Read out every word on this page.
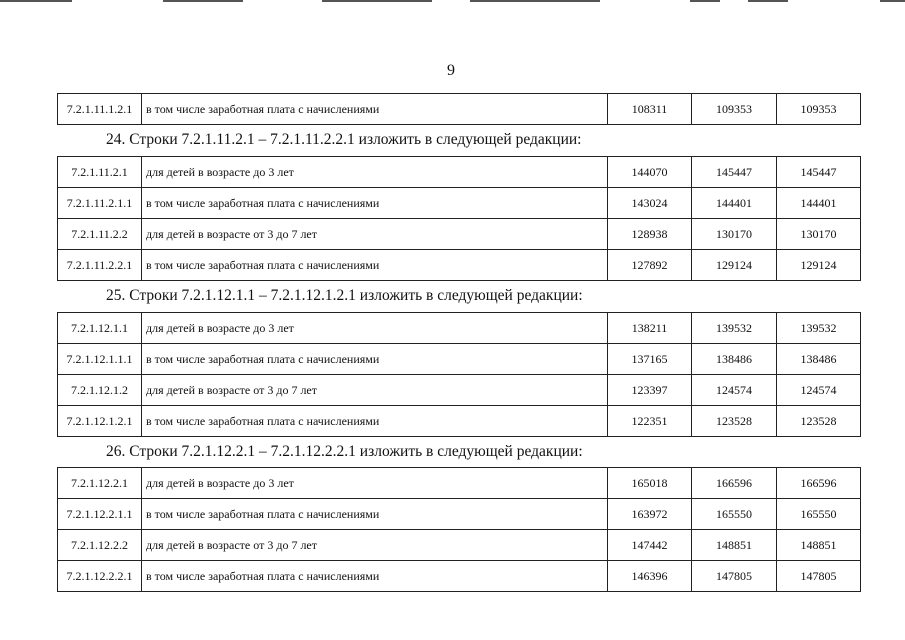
9
7.2.1.11.1.2.1	в том числе заработная плата с начислениями	108311	109353	109353
24. Строки 7.2.1.11.2.1 – 7.2.1.11.2.2.1 изложить в следующей редакции:
7.2.1.11.2.1	для детей в возрасте до 3 лет	144070	145447	145447
7.2.1.11.2.1.1	в том числе заработная плата с начислениями	143024	144401	144401
7.2.1.11.2.2	для детей в возрасте от 3 до 7 лет	128938	130170	130170
7.2.1.11.2.2.1	в том числе заработная плата с начислениями	127892	129124	129124
25. Строки 7.2.1.12.1.1 – 7.2.1.12.1.2.1 изложить в следующей редакции:
7.2.1.12.1.1	для детей в возрасте до 3 лет	138211	139532	139532
7.2.1.12.1.1.1	в том числе заработная плата с начислениями	137165	138486	138486
7.2.1.12.1.2	для детей в возрасте от 3 до 7 лет	123397	124574	124574
7.2.1.12.1.2.1	в том числе заработная плата с начислениями	122351	123528	123528
26. Строки 7.2.1.12.2.1 – 7.2.1.12.2.2.1 изложить в следующей редакции:
7.2.1.12.2.1	для детей в возрасте до 3 лет	165018	166596	166596
7.2.1.12.2.1.1	в том числе заработная плата с начислениями	163972	165550	165550
7.2.1.12.2.2	для детей в возрасте от 3 до 7 лет	147442	148851	148851
7.2.1.12.2.2.1	в том числе заработная плата с начислениями	146396	147805	147805
